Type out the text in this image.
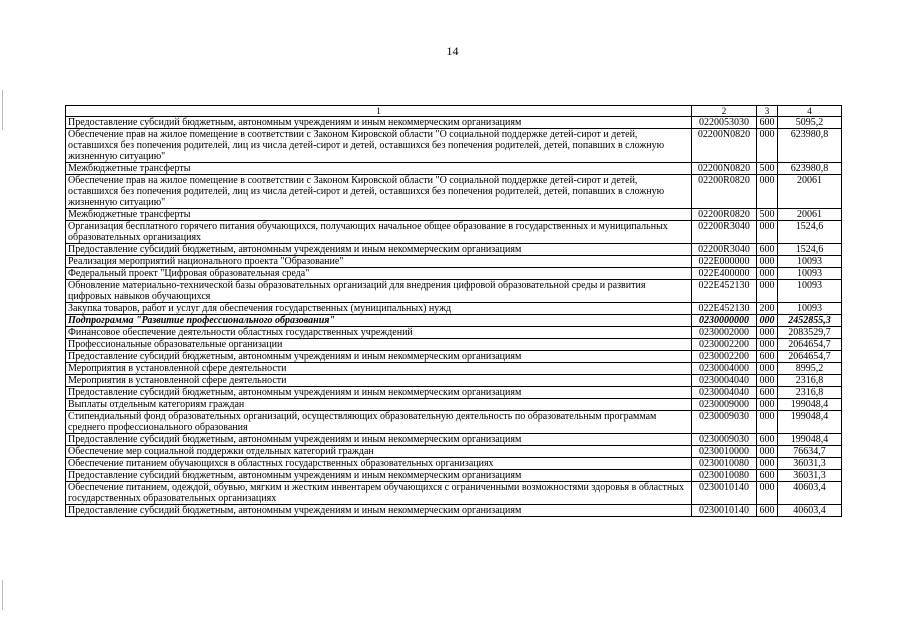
14
1	2	3	4
Предоставление субсидий бюджетным, автономным учреждениям и иным некоммерческим организациям	0220053030	600	5095,2
Обеспечение прав на жилое помещение в соответствии с Законом Кировской области "О социальной поддержке детей-сирот и детей, оставшихся без попечения родителей, лиц из числа детей-сирот и детей, оставшихся без попечения родителей, детей, попавших в сложную жизненную ситуацию"	02200N0820	000	623980,8
Межбюджетные трансферты	02200N0820	500	623980,8
Обеспечение прав на жилое помещение в соответствии с Законом Кировской области "О социальной поддержке детей-сирот и детей, оставшихся без попечения родителей, лиц из числа детей-сирот и детей, оставшихся без попечения родителей, детей, попавших в сложную жизненную ситуацию"	02200R0820	000	20061
Межбюджетные трансферты	02200R0820	500	20061
Организация бесплатного горячего питания обучающихся, получающих начальное общее образование в государственных и муниципальных образовательных организациях	02200R3040	000	1524,6
Предоставление субсидий бюджетным, автономным учреждениям и иным некоммерческим организациям	02200R3040	600	1524,6
Реализация мероприятий национального проекта "Образование"	022E000000	000	10093
Федеральный проект "Цифровая образовательная среда"	022E400000	000	10093
Обновление материально-технической базы образовательных организаций для внедрения цифровой образовательной среды и развития цифровых навыков обучающихся	022E452130	000	10093
Закупка товаров, работ и услуг для обеспечения государственных (муниципальных) нужд	022E452130	200	10093
Подпрограмма "Развитие профессионального образования"	0230000000	000	2452855,3
Финансовое обеспечение деятельности областных государственных учреждений	0230002000	000	2083529,7
Профессиональные образовательные организации	0230002200	000	2064654,7
Предоставление субсидий бюджетным, автономным учреждениям и иным некоммерческим организациям	0230002200	600	2064654,7
Мероприятия в установленной сфере деятельности	0230004000	000	8995,2
Мероприятия в установленной сфере деятельности	0230004040	000	2316,8
Предоставление субсидий бюджетным, автономным учреждениям и иным некоммерческим организациям	0230004040	600	2316,8
Выплаты отдельным категориям граждан	0230009000	000	199048,4
Стипендиальный фонд образовательных организаций, осуществляющих образовательную деятельность по образовательным программам среднего профессионального образования	02300090З0	000	199048,4
Предоставление субсидий бюджетным, автономным учреждениям и иным некоммерческим организациям	02300090З0	600	199048,4
Обеспечение мер социальной поддержки отдельных категорий граждан	0230010000	000	76634,7
Обеспечение питанием обучающихся в областных государственных образовательных организациях	0230010080	000	36031,3
Предоставление субсидий бюджетным, автономным учреждениям и иным некоммерческим организациям	0230010080	600	36031,3
Обеспечение питанием, одеждой, обувью, мягким и жестким инвентарем обучающихся с ограниченными возможностями здоровья в областных государственных образовательных организациях	0230010140	000	40603,4
Предоставление субсидий бюджетным, автономным учреждениям и иным некоммерческим организациям	0230010140	600	40603,4
